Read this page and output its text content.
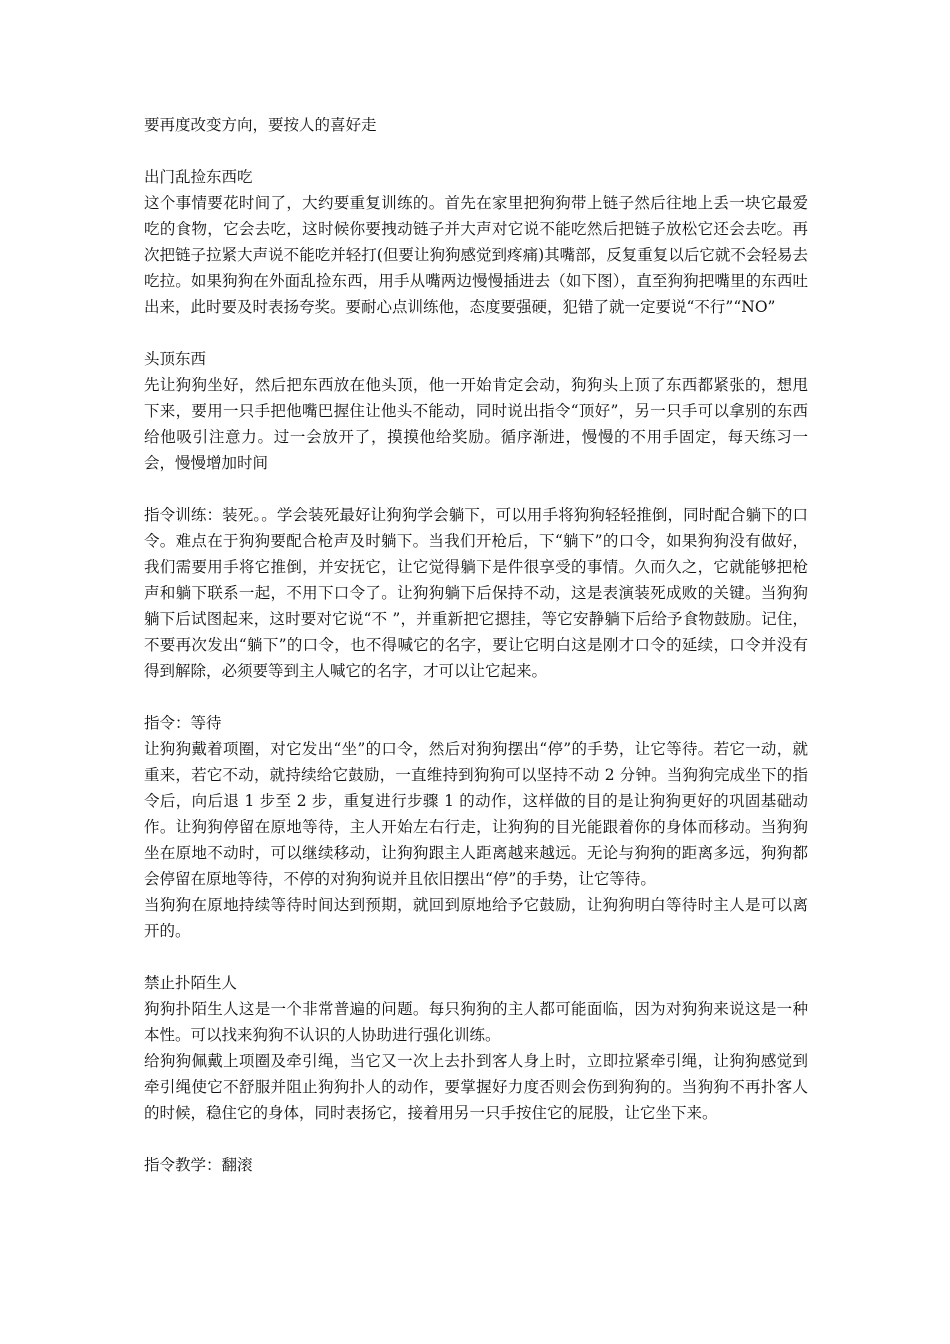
要再度改变方向，要按人的喜好走

出门乱捡东西吃

这个事情要花时间了，大约要重复训练的。首先在家里把狗狗带上链子然后往地上丢一块它最爱吃的食物，它会去吃，这时候你要拽动链子并大声对它说不能吃然后把链子放松它还会去吃。再次把链子拉紧大声说不能吃并轻打(但要让狗狗感觉到疼痛)其嘴部，反复重复以后它就不会轻易去吃拉。如果狗狗在外面乱捡东西，用手从嘴两边慢慢插进去（如下图），直至狗狗把嘴里的东西吐出来，此时要及时表扬夸奖。要耐心点训练他，态度要强硬，犯错了就一定要说“不行”“NO”

头顶东西

先让狗狗坐好，然后把东西放在他头顶，他一开始肯定会动，狗狗头上顶了东西都紧张的，想甩下来，要用一只手把他嘴巴握住让他头不能动，同时说出指令“顶好”，另一只手可以拿别的东西给他吸引注意力。过一会放开了，摸摸他给奖励。循序渐进，慢慢的不用手固定，每天练习一会，慢慢增加时间

指令训练：装死。。学会装死最好让狗狗学会躺下，可以用手将狗狗轻轻推倒，同时配合躺下的口令。难点在于狗狗要配合枪声及时躺下。当我们开枪后，下“躺下”的口令，如果狗狗没有做好，我们需要用手将它推倒，并安抚它，让它觉得躺下是件很享受的事情。久而久之，它就能够把枪声和躺下联系一起，不用下口令了。让狗狗躺下后保持不动，这是表演装死成败的关键。当狗狗躺下后试图起来，这时要对它说“不 ”，并重新把它摁挂，等它安静躺下后给予食物鼓励。记住，不要再次发出“躺下”的口令，也不得喊它的名字，要让它明白这是刚才口令的延续，口令并没有得到解除，必须要等到主人喊它的名字，才可以让它起来。

指令：等待

让狗狗戴着项圈，对它发出“坐”的口令，然后对狗狗摆出“停”的手势，让它等待。若它一动，就重来，若它不动，就持续给它鼓励，一直维持到狗狗可以坚持不动 2 分钟。当狗狗完成坐下的指令后，向后退 1 步至 2 步，重复进行步骤 1 的动作，这样做的目的是让狗狗更好的巩固基础动作。让狗狗停留在原地等待，主人开始左右行走，让狗狗的目光能跟着你的身体而移动。当狗狗坐在原地不动时，可以继续移动，让狗狗跟主人距离越来越远。无论与狗狗的距离多远，狗狗都会停留在原地等待，不停的对狗狗说并且依旧摆出“停”的手势，让它等待。

当狗狗在原地持续等待时间达到预期，就回到原地给予它鼓励，让狗狗明白等待时主人是可以离开的。

禁止扑陌生人

狗狗扑陌生人这是一个非常普遍的问题。每只狗狗的主人都可能面临，因为对狗狗来说这是一种本性。可以找来狗狗不认识的人协助进行强化训练。

给狗狗佩戴上项圈及牵引绳，当它又一次上去扑到客人身上时，立即拉紧牵引绳，让狗狗感觉到牵引绳使它不舒服并阻止狗狗扑人的动作，要掌握好力度否则会伤到狗狗的。当狗狗不再扑客人的时候，稳住它的身体，同时表扬它，接着用另一只手按住它的屁股，让它坐下来。

指令教学：翻滚
